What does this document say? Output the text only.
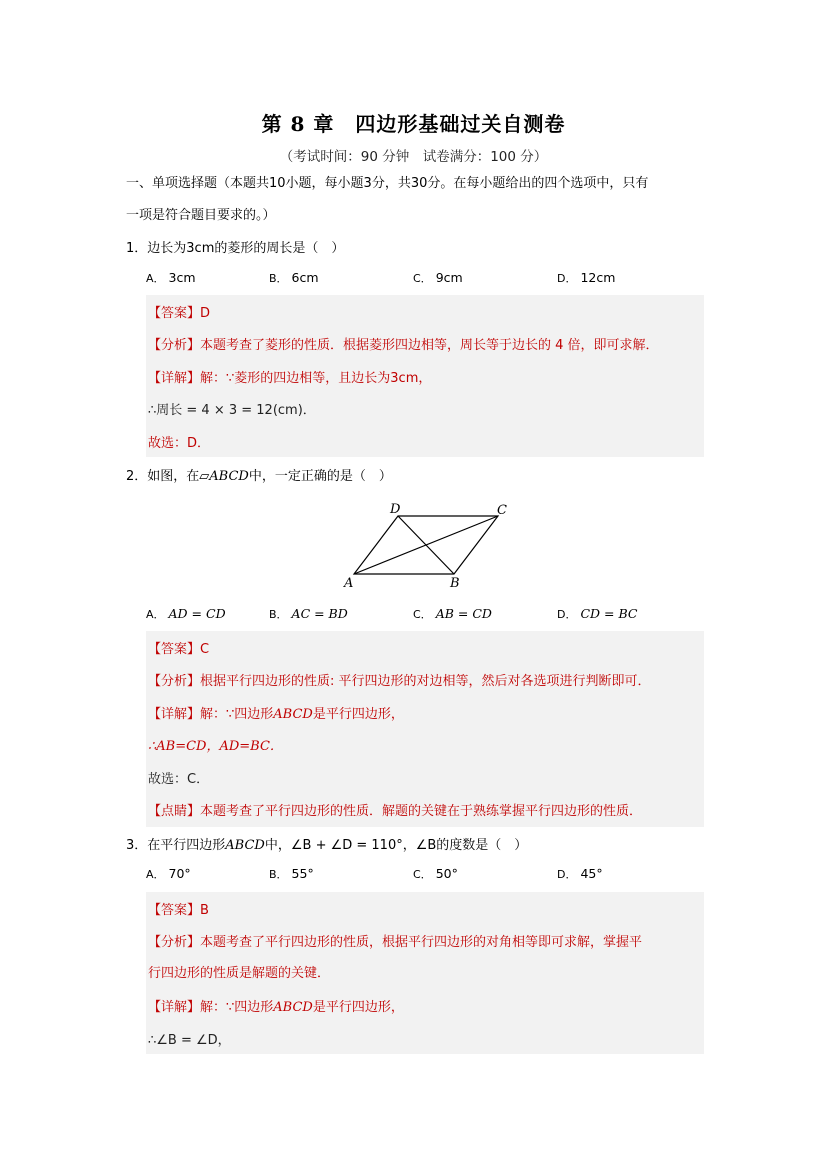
第 8 章　四边形基础过关自测卷
（考试时间：90 分钟　试卷满分：100 分）
一、单项选择题（本题共10小题，每小题3分，共30分。在每小题给出的四个选项中，只有
一项是符合题目要求的。）
1．边长为3cm的菱形的周长是（　）
A． 3cm	B． 6cm	C． 9cm	D． 12cm
【答案】D
【分析】本题考查了菱形的性质．根据菱形四边相等，周长等于边长的 4 倍，即可求解．
【详解】解：∵菱形的四边相等，且边长为3cm，
∴周长 = 4 × 3 = 12(cm)．
故选：D．
2．如图，在▱ABCD中，一定正确的是（　）
A	B
C
D
A． AD = CD	B． AC = BD	C． AB = CD	D． CD = BC
【答案】C
【分析】根据平行四边形的性质: 平行四边形的对边相等，然后对各选项进行判断即可．
【详解】解：∵四边形ABCD是平行四边形，
∴AB=CD，AD=BC．
故选：C．
【点睛】本题考查了平行四边形的性质．解题的关键在于熟练掌握平行四边形的性质．
3．在平行四边形ABCD中，∠B + ∠D = 110°，∠B的度数是（　）
A． 70°	B． 55°	C． 50°	D． 45°
【答案】B
【分析】本题考查了平行四边形的性质，根据平行四边形的对角相等即可求解，掌握平
行四边形的性质是解题的关键．
【详解】解：∵四边形ABCD是平行四边形，
∴∠B = ∠D，
